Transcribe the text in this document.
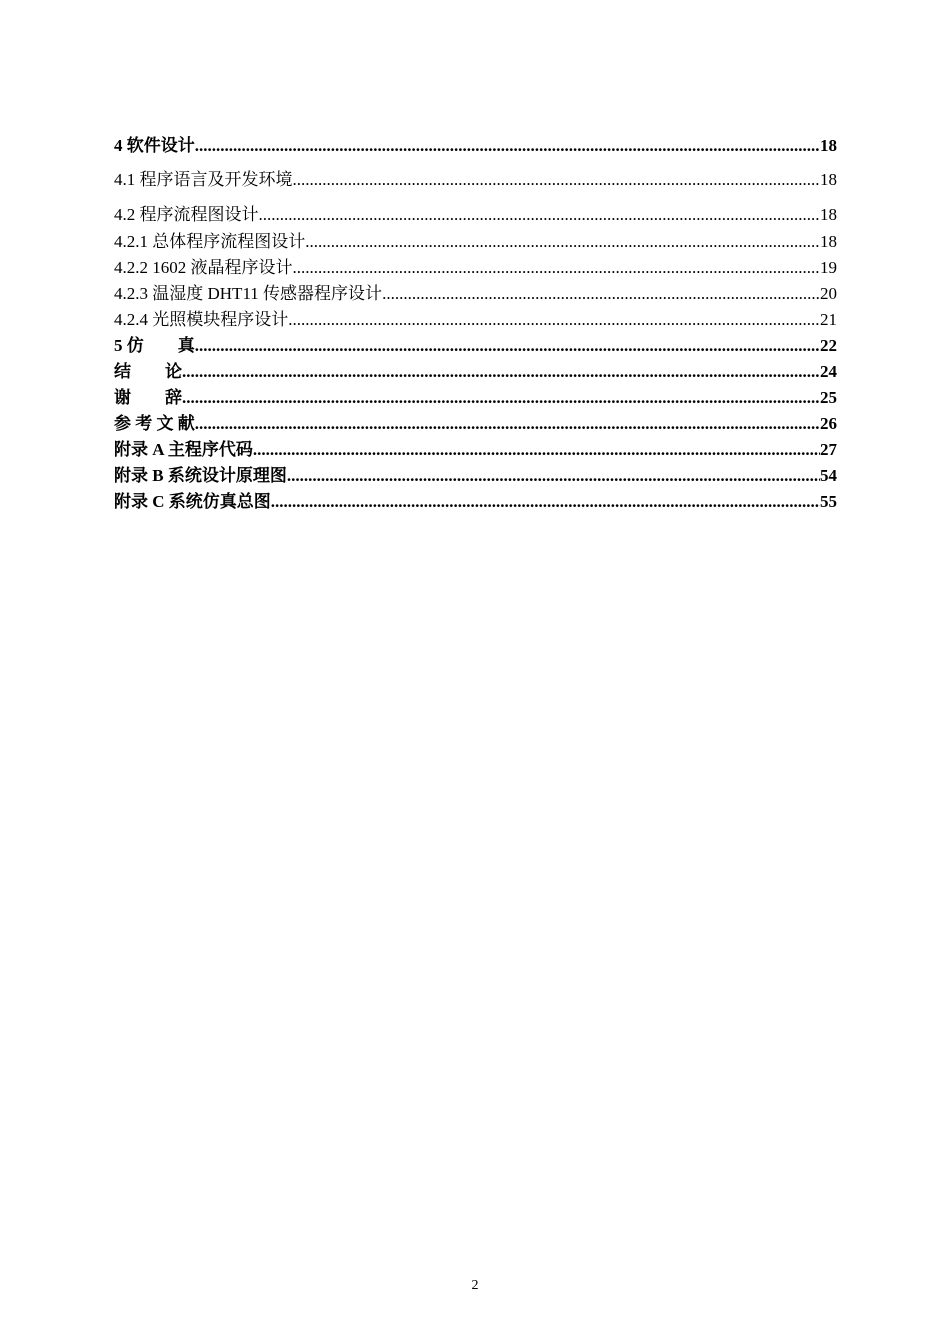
4 软件设计 .....	18
4.1 程序语言及开发环境 .....	18
4.2 程序流程图设计 .....	18
4.2.1 总体程序流程图设计 .....	18
4.2.2 1602 液晶程序设计 .....	19
4.2.3 温湿度 DHT11 传感器程序设计 .....	20
4.2.4 光照模块程序设计 .....	21
5 仿　　真 .....	22
结　　论 .....	24
谢　　辞 .....	25
参 考 文 献 .....	26
附录 A 主程序代码 .....	27
附录 B 系统设计原理图 .....	54
附录 C 系统仿真总图 .....	55
2
